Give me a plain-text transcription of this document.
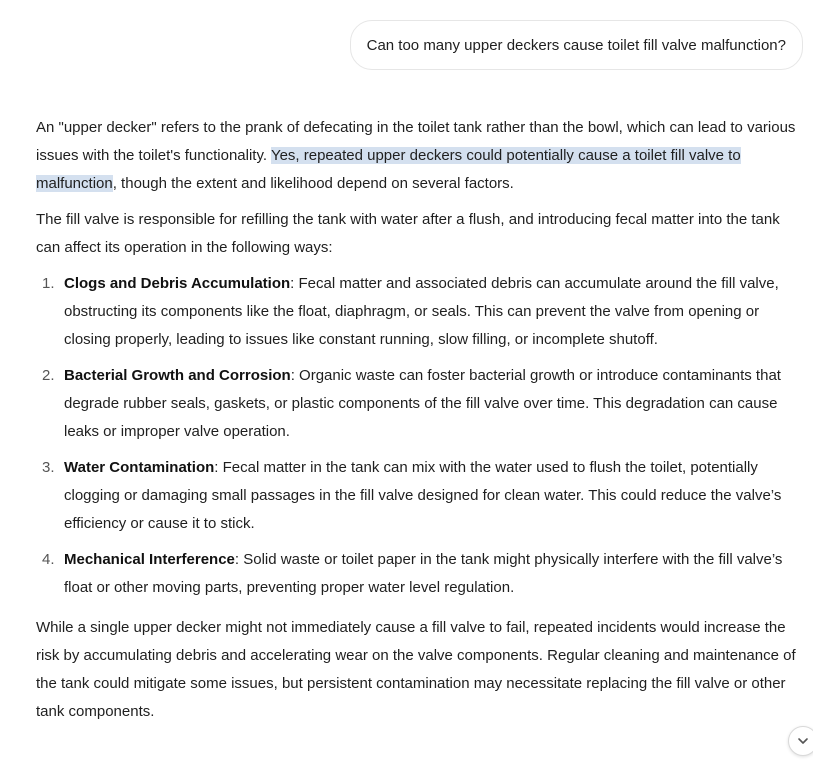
Can too many upper deckers cause toilet fill valve malfunction?

An "upper decker" refers to the prank of defecating in the toilet tank rather than the bowl, which can lead to various issues with the toilet's functionality. Yes, repeated upper deckers could potentially cause a toilet fill valve to malfunction, though the extent and likelihood depend on several factors.

The fill valve is responsible for refilling the tank with water after a flush, and introducing fecal matter into the tank can affect its operation in the following ways:

1. Clogs and Debris Accumulation: Fecal matter and associated debris can accumulate around the fill valve, obstructing its components like the float, diaphragm, or seals. This can prevent the valve from opening or closing properly, leading to issues like constant running, slow filling, or incomplete shutoff.
2. Bacterial Growth and Corrosion: Organic waste can foster bacterial growth or introduce contaminants that degrade rubber seals, gaskets, or plastic components of the fill valve over time. This degradation can cause leaks or improper valve operation.
3. Water Contamination: Fecal matter in the tank can mix with the water used to flush the toilet, potentially clogging or damaging small passages in the fill valve designed for clean water. This could reduce the valve’s efficiency or cause it to stick.
4. Mechanical Interference: Solid waste or toilet paper in the tank might physically interfere with the fill valve’s float or other moving parts, preventing proper water level regulation.

While a single upper decker might not immediately cause a fill valve to fail, repeated incidents would increase the risk by accumulating debris and accelerating wear on the valve components. Regular cleaning and maintenance of the tank could mitigate some issues, but persistent contamination may necessitate replacing the fill valve or other tank components.
